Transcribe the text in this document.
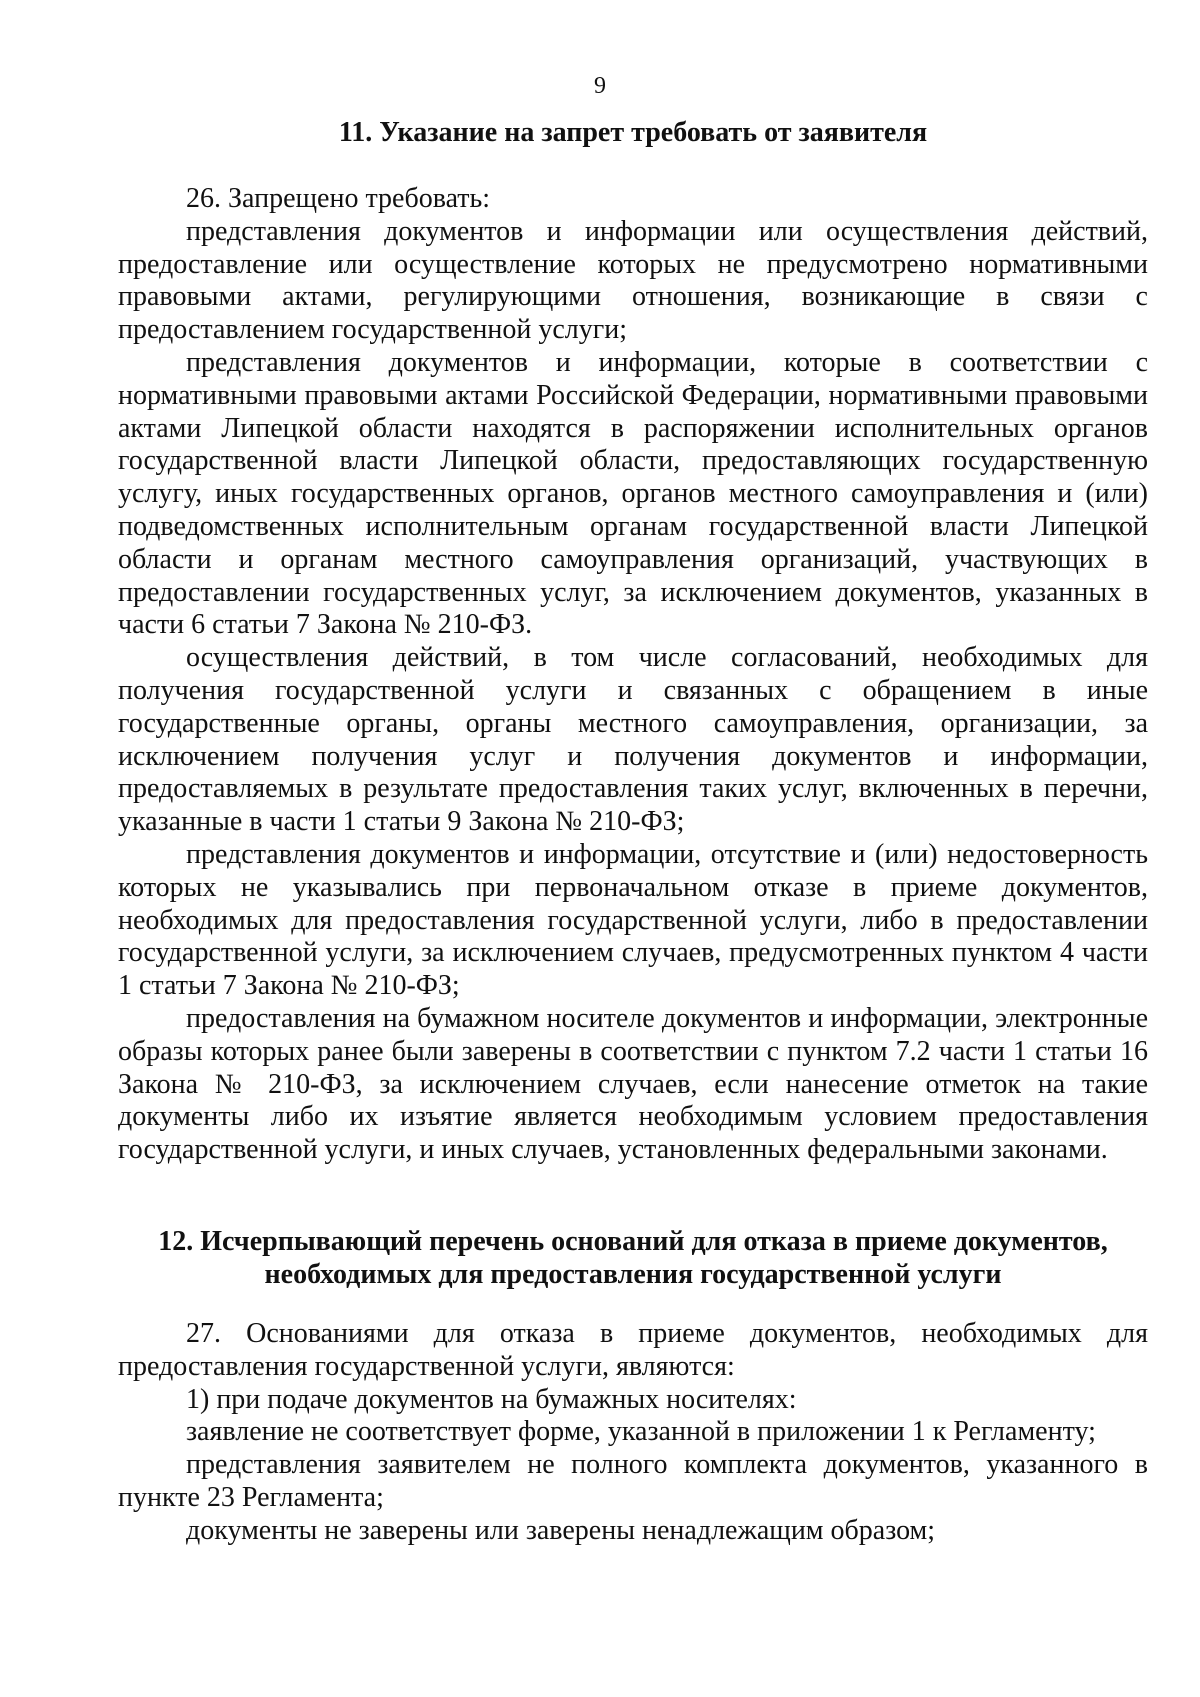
9
11. Указание на запрет требовать от заявителя

26. Запрещено требовать:

представления документов и информации или осуществления действий, предоставление или осуществление которых не предусмотрено нормативными правовыми актами, регулирующими отношения, возникающие в связи с предоставлением государственной услуги;

представления документов и информации, которые в соответствии с нормативными правовыми актами Российской Федерации, нормативными правовыми актами Липецкой области находятся в распоряжении исполнительных органов государственной власти Липецкой области, предоставляющих государственную услугу, иных государственных органов, органов местного самоуправления и (или) подведомственных исполнительным органам государственной власти Липецкой области и органам местного самоуправления организаций, участвующих в предоставлении государственных услуг, за исключением документов, указанных в части 6 статьи 7 Закона № 210-ФЗ.

осуществления действий, в том числе согласований, необходимых для получения государственной услуги и связанных с обращением в иные государственные органы, органы местного самоуправления, организации, за исключением получения услуг и получения документов и информации, предоставляемых в результате предоставления таких услуг, включенных в перечни, указанные в части 1 статьи 9 Закона № 210-ФЗ;

представления документов и информации, отсутствие и (или) недостоверность которых не указывались при первоначальном отказе в приеме документов, необходимых для предоставления государственной услуги, либо в предоставлении государственной услуги, за исключением случаев, предусмотренных пунктом 4 части 1 статьи 7 Закона № 210-ФЗ;

предоставления на бумажном носителе документов и информации, электронные образы которых ранее были заверены в соответствии с пунктом 7.2 части 1 статьи 16 Закона № 210-ФЗ, за исключением случаев, если нанесение отметок на такие документы либо их изъятие является необходимым условием предоставления государственной услуги, и иных случаев, установленных федеральными законами.

12. Исчерпывающий перечень оснований для отказа в приеме документов,
необходимых для предоставления государственной услуги

27. Основаниями для отказа в приеме документов, необходимых для предоставления государственной услуги, являются:

1) при подаче документов на бумажных носителях:

заявление не соответствует форме, указанной в приложении 1 к Регламенту;

представления заявителем не полного комплекта документов, указанного в пункте 23 Регламента;

документы не заверены или заверены ненадлежащим образом;
